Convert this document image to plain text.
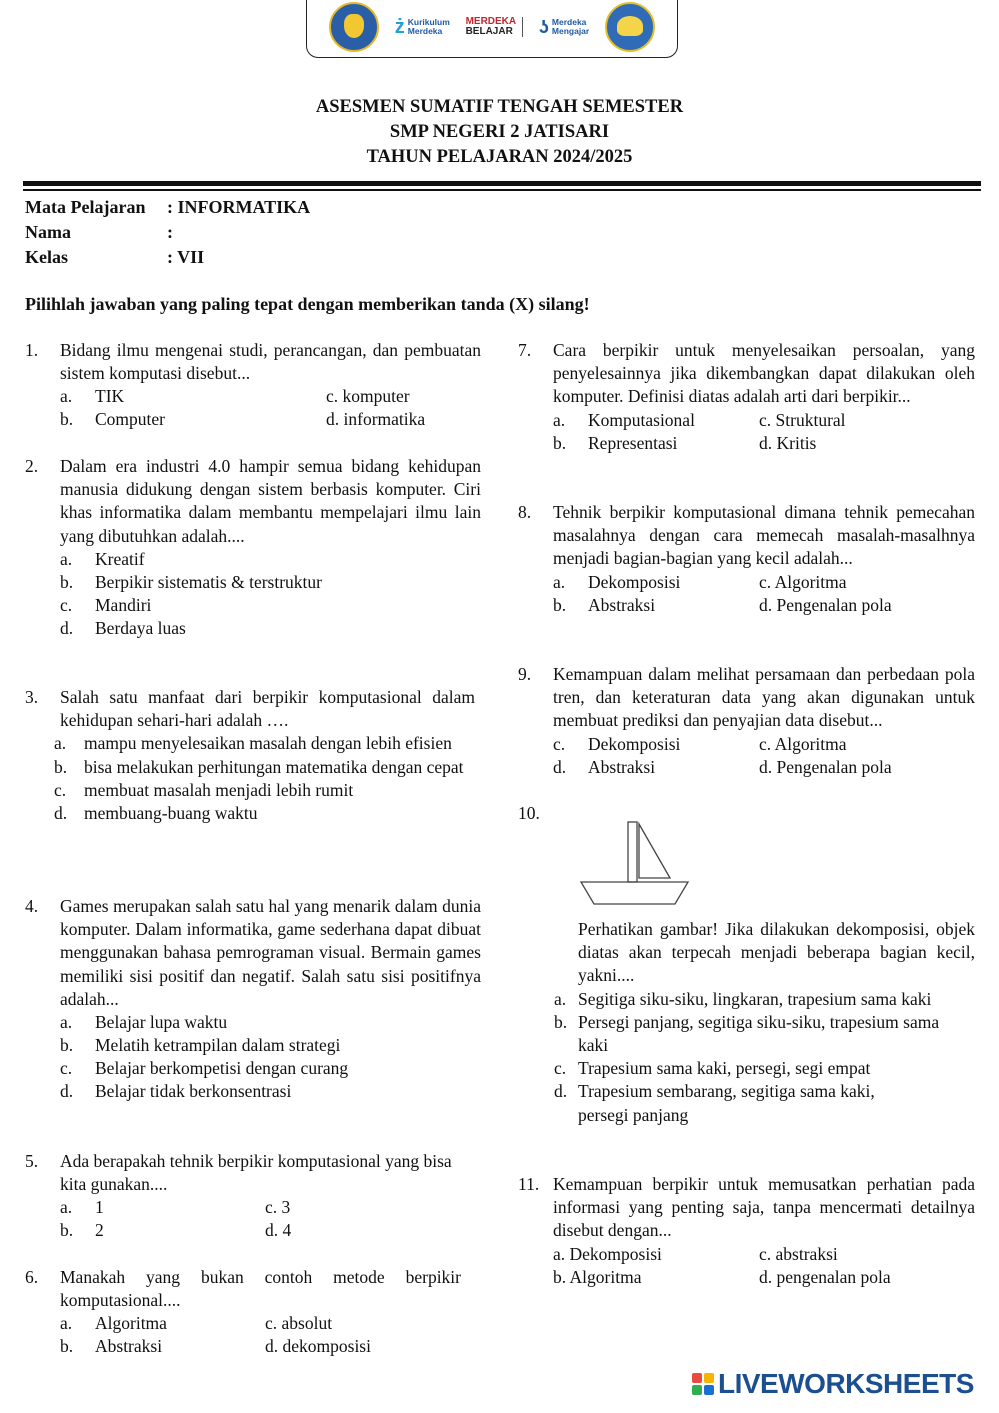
ż Kurikulum
Merdeka
MERDEKA
BELAJAR	ʖ Merdeka
Mengajar
ASESMEN SUMATIF TENGAH SEMESTER
SMP NEGERI 2 JATISARI
TAHUN PELAJARAN 2024/2025
Mata Pelajaran : INFORMATIKA
Nama	:
Kelas	: VII
Pilihlah jawaban yang paling tepat dengan memberikan tanda (X) silang!
1. Bidang ilmu mengenai studi, perancangan, dan pembuatan sistem komputasi disebut...
a. TIK	c. komputer
b. Computer	d. informatika
2. Dalam era industri 4.0 hampir semua bidang kehidupan manusia didukung dengan sistem berbasis komputer. Ciri khas informatika dalam membantu mempelajari ilmu lain yang dibutuhkan adalah....
a. Kreatif
b. Berpikir sistematis & terstruktur
c. Mandiri
d. Berdaya luas
3. Salah satu manfaat dari berpikir komputasional dalam kehidupan sehari-hari adalah ….
a. mampu menyelesaikan masalah dengan lebih efisien
b. bisa melakukan perhitungan matematika dengan cepat
c. membuat masalah menjadi lebih rumit
d. membuang-buang waktu
4. Games merupakan salah satu hal yang menarik dalam dunia komputer. Dalam informatika, game sederhana dapat dibuat menggunakan bahasa pemrograman visual. Bermain games memiliki sisi positif dan negatif. Salah satu sisi positifnya adalah...
a. Belajar lupa waktu
b. Melatih ketrampilan dalam strategi
c. Belajar berkompetisi dengan curang
d. Belajar tidak berkonsentrasi
5. Ada berapakah tehnik berpikir komputasional yang bisa kita gunakan....
a. 1	c. 3
b. 2	d. 4
6. Manakah yang bukan contoh metode berpikir komputasional....
a. Algoritma	c. absolut
b. Abstraksi	d. dekomposisi
7. Cara berpikir untuk menyelesaikan persoalan, yang penyelesainnya jika dikembangkan dapat dilakukan oleh komputer. Definisi diatas adalah arti dari berpikir...
a. Komputasional	c. Struktural
b. Representasi	d. Kritis
8. Tehnik berpikir komputasional dimana tehnik pemecahan masalahnya dengan cara memecah masalah-masalhnya menjadi bagian-bagian yang kecil adalah...
a. Dekomposisi	c. Algoritma
b. Abstraksi	d. Pengenalan pola
9. Kemampuan dalam melihat persamaan dan perbedaan pola tren, dan keteraturan data yang akan digunakan untuk membuat prediksi dan penyajian data disebut...
c. Dekomposisi	c. Algoritma
d. Abstraksi	d. Pengenalan pola
10.
Perhatikan gambar! Jika dilakukan dekomposisi, objek diatas akan terpecah menjadi beberapa bagian kecil, yakni....
a. Segitiga siku-siku, lingkaran, trapesium sama kaki
b. Persegi panjang, segitiga siku-siku, trapesium sama kaki
c. Trapesium sama kaki, persegi, segi empat
d. Trapesium sembarang, segitiga sama kaki, persegi panjang
11. Kemampuan berpikir untuk memusatkan perhatian pada informasi yang penting saja, tanpa mencermati detailnya disebut dengan...
a. Dekomposisi	c. abstraksi
b. Algoritma	d. pengenalan pola
LIVEWORKSHEETS
